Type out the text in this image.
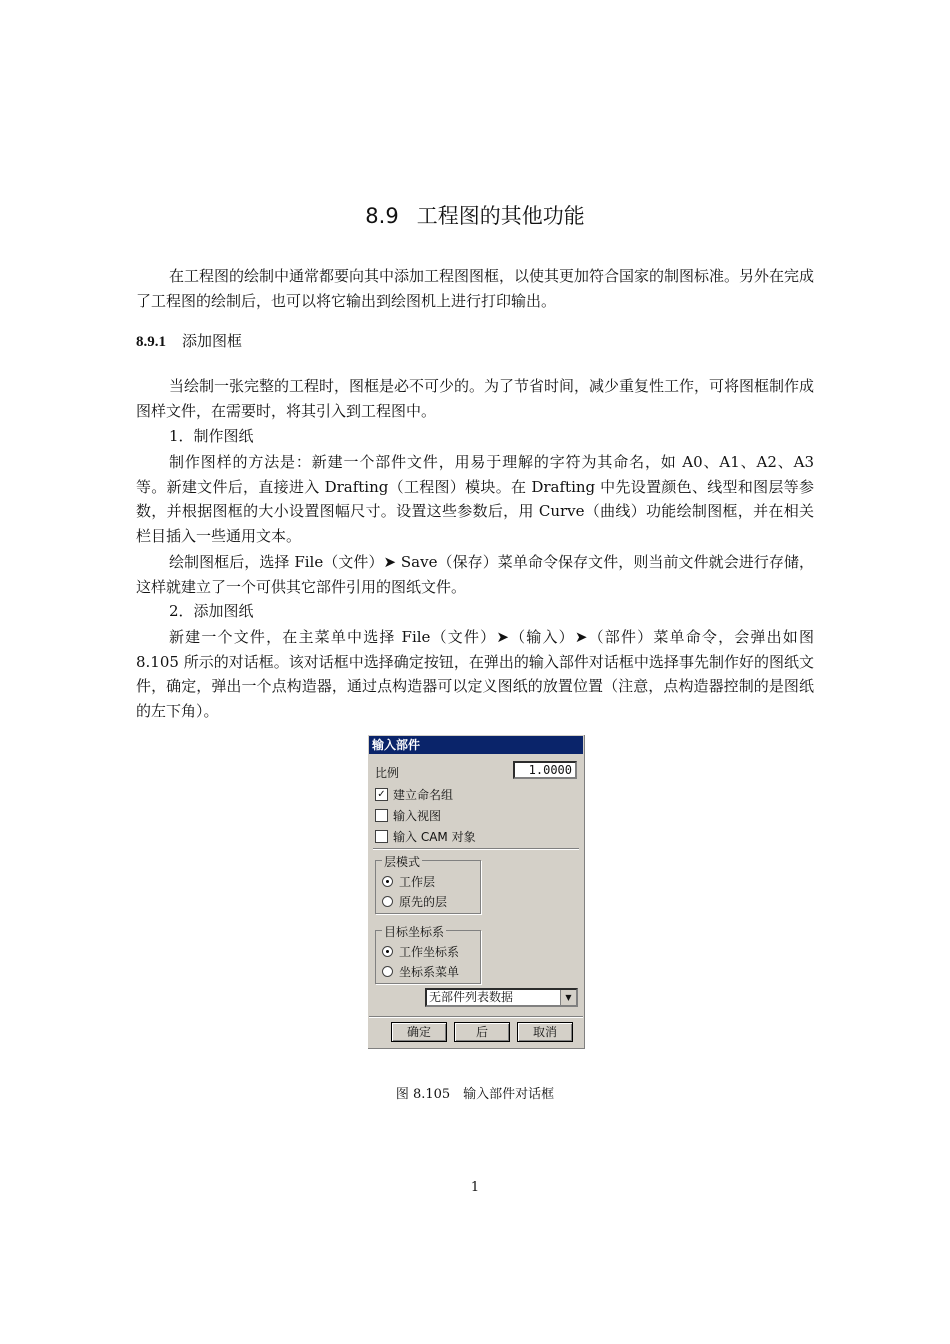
8.9 工程图的其他功能

在工程图的绘制中通常都要向其中添加工程图图框，以使其更加符合国家的制图标准。另外在完成了工程图的绘制后，也可以将它输出到绘图机上进行打印输出。

8.9.1 添加图框

当绘制一张完整的工程时，图框是必不可少的。为了节省时间，减少重复性工作，可将图框制作成图样文件，在需要时，将其引入到工程图中。

1．制作图纸

制作图样的方法是：新建一个部件文件，用易于理解的字符为其命名，如 A0、A1、A2、A3 等。新建文件后，直接进入 Drafting（工程图）模块。在 Drafting 中先设置颜色、线型和图层等参数，并根据图框的大小设置图幅尺寸。设置这些参数后，用 Curve（曲线）功能绘制图框，并在相关栏目插入一些通用文本。

绘制图框后，选择 File（文件）➤ Save（保存）菜单命令保存文件，则当前文件就会进行存储，这样就建立了一个可供其它部件引用的图纸文件。

2．添加图纸

新建一个文件，在主菜单中选择 File（文件）➤（输入）➤（部件）菜单命令，会弹出如图 8.105 所示的对话框。该对话框中选择确定按钮，在弹出的输入部件对话框中选择事先制作好的图纸文件，确定，弹出一个点构造器，通过点构造器可以定义图纸的放置位置（注意，点构造器控制的是图纸的左下角）。

输入部件
比例	1.0000
✓ 建立命名组
输入视图
输入 CAM 对象
层模式
工作层
原先的层
目标坐标系
工作坐标系
坐标系菜单
无部件列表数据	▼
确定	后	取消
图 8.105　输入部件对话框
1
